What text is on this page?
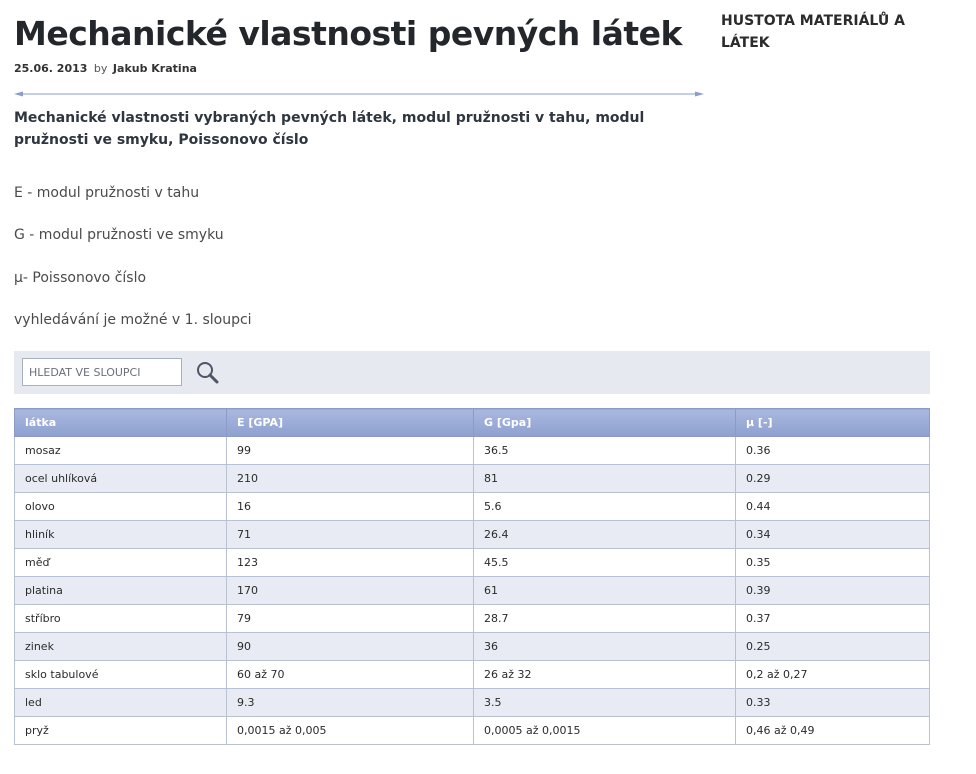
Mechanické vlastnosti pevných látek
25.06. 2013 by Jakub Kratina
Mechanické vlastnosti vybraných pevných látek, modul pružnosti v tahu, modul pružnosti ve smyku, Poissonovo číslo
E - modul pružnosti v tahu
G - modul pružnosti ve smyku
μ- Poissonovo číslo
vyhledávání je možné v 1. sloupci
HUSTOTA MATERIÁLŮ A LÁTEK
HLEDAT VE SLOUPCI
látka	E [GPA]	G [Gpa]	μ [-]
mosaz	99	36.5	0.36
ocel uhlíková	210	81	0.29
olovo	16	5.6	0.44
hliník	71	26.4	0.34
měď	123	45.5	0.35
platina	170	61	0.39
stříbro	79	28.7	0.37
zinek	90	36	0.25
sklo tabulové	60 až 70	26 až 32	0,2 až 0,27
led	9.3	3.5	0.33
pryž	0,0015 až 0,005	0,0005 až 0,0015	0,46 až 0,49
